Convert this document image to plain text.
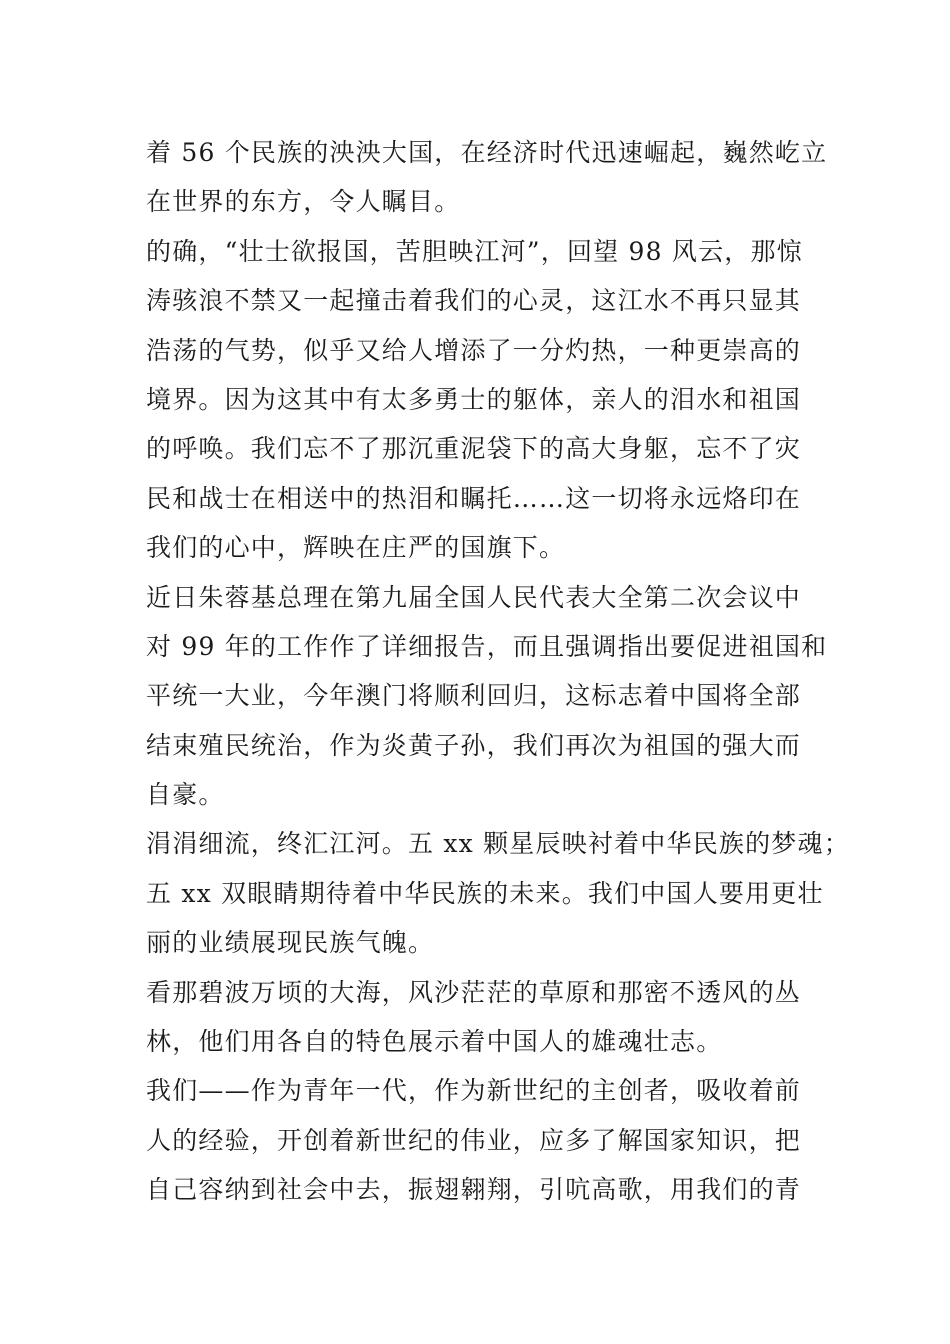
着 56 个民族的泱泱大国，在经济时代迅速崛起，巍然屹立
在世界的东方，令人瞩目。
的确，“壮士欲报国，苦胆映江河”，回望 98 风云，那惊
涛骇浪不禁又一起撞击着我们的心灵，这江水不再只显其
浩荡的气势，似乎又给人增添了一分灼热，一种更崇高的
境界。因为这其中有太多勇士的躯体，亲人的泪水和祖国
的呼唤。我们忘不了那沉重泥袋下的高大身躯，忘不了灾
民和战士在相送中的热泪和瞩托……这一切将永远烙印在
我们的心中，辉映在庄严的国旗下。
近日朱蓉基总理在第九届全国人民代表大全第二次会议中
对 99 年的工作作了详细报告，而且强调指出要促进祖国和
平统一大业，今年澳门将顺利回归，这标志着中国将全部
结束殖民统治，作为炎黄子孙，我们再次为祖国的强大而
自豪。
涓涓细流，终汇江河。五 xx 颗星辰映衬着中华民族的梦魂；
五 xx 双眼睛期待着中华民族的未来。我们中国人要用更壮
丽的业绩展现民族气魄。
看那碧波万顷的大海，风沙茫茫的草原和那密不透风的丛
林，他们用各自的特色展示着中国人的雄魂壮志。
我们——作为青年一代，作为新世纪的主创者，吸收着前
人的经验，开创着新世纪的伟业，应多了解国家知识，把
自己容纳到社会中去，振翅翱翔，引吭高歌，用我们的青
